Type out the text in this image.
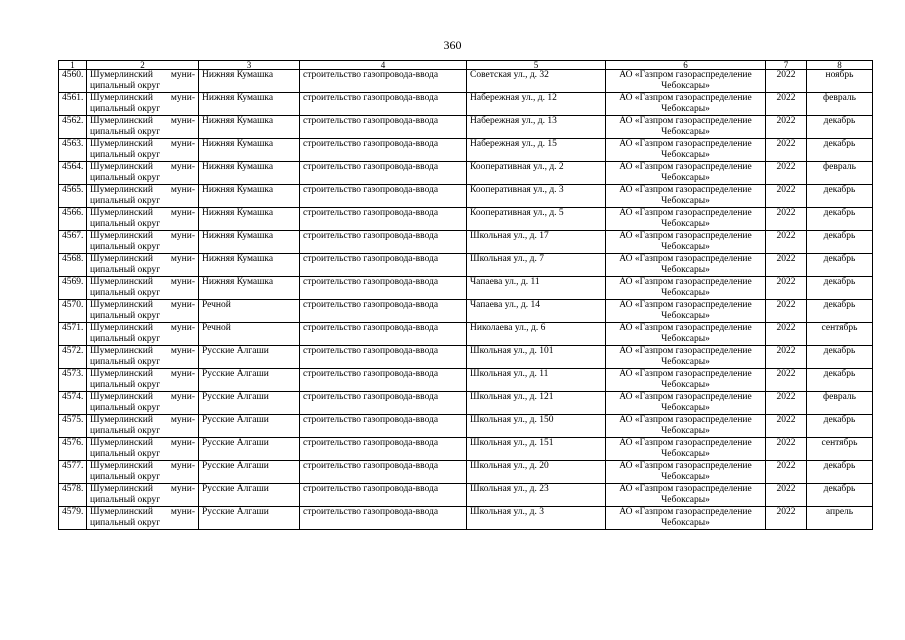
360
1	2	3	4	5	6	7	8
4560.	Шумерлинский муни-ципальный округ	Нижняя Кумашка	строительство газопровода-ввода	Советская ул., д. 32	АО «Газпром газораспределение Чебоксары»	2022	ноябрь
4561.	Шумерлинский муни-ципальный округ	Нижняя Кумашка	строительство газопровода-ввода	Набережная ул., д. 12	АО «Газпром газораспределение Чебоксары»	2022	февраль
4562.	Шумерлинский муни-ципальный округ	Нижняя Кумашка	строительство газопровода-ввода	Набережная ул., д. 13	АО «Газпром газораспределение Чебоксары»	2022	декабрь
4563.	Шумерлинский муни-ципальный округ	Нижняя Кумашка	строительство газопровода-ввода	Набережная ул., д. 15	АО «Газпром газораспределение Чебоксары»	2022	декабрь
4564.	Шумерлинский муни-ципальный округ	Нижняя Кумашка	строительство газопровода-ввода	Кооперативная ул., д. 2	АО «Газпром газораспределение Чебоксары»	2022	февраль
4565.	Шумерлинский муни-ципальный округ	Нижняя Кумашка	строительство газопровода-ввода	Кооперативная ул., д. 3	АО «Газпром газораспределение Чебоксары»	2022	декабрь
4566.	Шумерлинский муни-ципальный округ	Нижняя Кумашка	строительство газопровода-ввода	Кооперативная ул., д. 5	АО «Газпром газораспределение Чебоксары»	2022	декабрь
4567.	Шумерлинский муни-ципальный округ	Нижняя Кумашка	строительство газопровода-ввода	Школьная ул., д. 17	АО «Газпром газораспределение Чебоксары»	2022	декабрь
4568.	Шумерлинский муни-ципальный округ	Нижняя Кумашка	строительство газопровода-ввода	Школьная ул., д. 7	АО «Газпром газораспределение Чебоксары»	2022	декабрь
4569.	Шумерлинский муни-ципальный округ	Нижняя Кумашка	строительство газопровода-ввода	Чапаева ул., д. 11	АО «Газпром газораспределение Чебоксары»	2022	декабрь
4570.	Шумерлинский муни-ципальный округ	Речной	строительство газопровода-ввода	Чапаева ул., д. 14	АО «Газпром газораспределение Чебоксары»	2022	декабрь
4571.	Шумерлинский муни-ципальный округ	Речной	строительство газопровода-ввода	Николаева ул., д. 6	АО «Газпром газораспределение Чебоксары»	2022	сентябрь
4572.	Шумерлинский муни-ципальный округ	Русские Алгаши	строительство газопровода-ввода	Школьная ул., д. 101	АО «Газпром газораспределение Чебоксары»	2022	декабрь
4573.	Шумерлинский муни-ципальный округ	Русские Алгаши	строительство газопровода-ввода	Школьная ул., д. 11	АО «Газпром газораспределение Чебоксары»	2022	декабрь
4574.	Шумерлинский муни-ципальный округ	Русские Алгаши	строительство газопровода-ввода	Школьная ул., д. 121	АО «Газпром газораспределение Чебоксары»	2022	февраль
4575.	Шумерлинский муни-ципальный округ	Русские Алгаши	строительство газопровода-ввода	Школьная ул., д. 150	АО «Газпром газораспределение Чебоксары»	2022	декабрь
4576.	Шумерлинский муни-ципальный округ	Русские Алгаши	строительство газопровода-ввода	Школьная ул., д. 151	АО «Газпром газораспределение Чебоксары»	2022	сентябрь
4577.	Шумерлинский муни-ципальный округ	Русские Алгаши	строительство газопровода-ввода	Школьная ул., д. 20	АО «Газпром газораспределение Чебоксары»	2022	декабрь
4578.	Шумерлинский муни-ципальный округ	Русские Алгаши	строительство газопровода-ввода	Школьная ул., д. 23	АО «Газпром газораспределение Чебоксары»	2022	декабрь
4579.	Шумерлинский муни-ципальный округ	Русские Алгаши	строительство газопровода-ввода	Школьная ул., д. 3	АО «Газпром газораспределение Чебоксары»	2022	апрель
